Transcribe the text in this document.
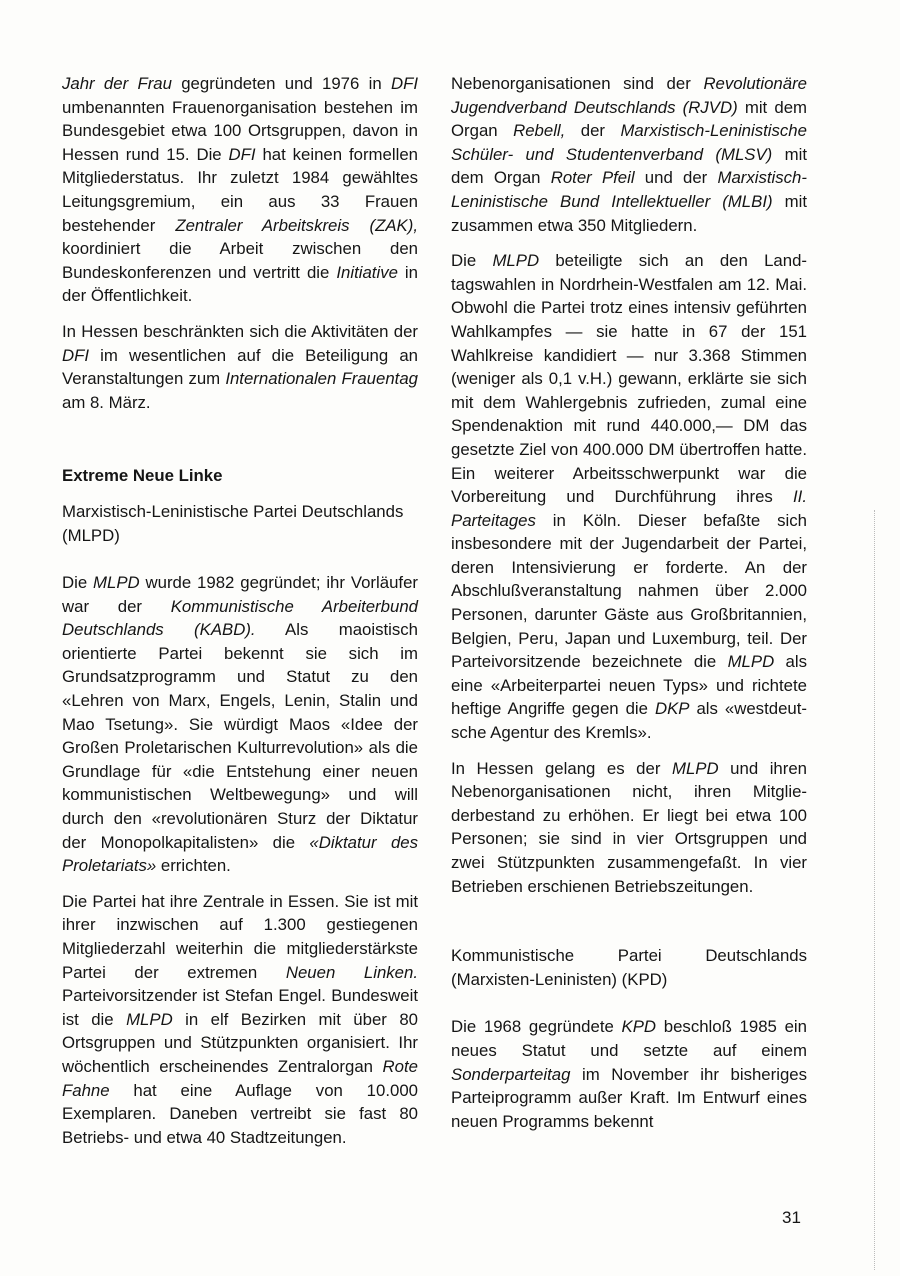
Jahr der Frau gegründeten und 1976 in DFI umbenannten Frauenorganisation bestehen im Bundesgebiet etwa 100 Ortsgruppen, davon in Hessen rund 15. Die DFI hat keinen formellen Mitgliederstatus. Ihr zuletzt 1984 gewähltes Leitungsgremium, ein aus 33 Frauen bestehender Zentraler Arbeitskreis (ZAK), koordiniert die Arbeit zwischen den Bundeskonferenzen und vertritt die Initiative in der Öffentlichkeit.

In Hessen beschränkten sich die Aktivitäten der DFI im wesentlichen auf die Beteiligung an Veranstaltungen zum Internationalen Frauentag am 8. März.

Extreme Neue Linke

Marxistisch-Leninistische Partei Deutschlands (MLPD)

Die MLPD wurde 1982 gegründet; ihr Vorläufer war der Kommunistische Arbeiterbund Deutschlands (KABD). Als maoistisch orientierte Partei bekennt sie sich im Grundsatzprogramm und Statut zu den «Lehren von Marx, Engels, Lenin, Stalin und Mao Tsetung». Sie würdigt Maos «Idee der Großen Proletarischen Kulturrevolution» als die Grundlage für «die Entstehung einer neuen kommunistischen Weltbewegung» und will durch den «revolutionären Sturz der Diktatur der Monopolkapitalisten» die «Diktatur des Proletariats» errichten.

Die Partei hat ihre Zentrale in Essen. Sie ist mit ihrer inzwischen auf 1.300 gestiegenen Mitgliederzahl weiterhin die mitgliederstärkste Partei der extremen Neuen Linken. Parteivorsitzender ist Stefan Engel. Bundesweit ist die MLPD in elf Bezirken mit über 80 Ortsgruppen und Stützpunkten organisiert. Ihr wöchentlich erscheinendes Zentralorgan Rote Fahne hat eine Auflage von 10.000 Exemplaren. Daneben vertreibt sie fast 80 Betriebs- und etwa 40 Stadtzeitungen.

Nebenorganisationen sind der Revolutionäre Jugendverband Deutschlands (RJVD) mit dem Organ Rebell, der Marxistisch-Leninistische Schüler- und Studentenverband (MLSV) mit dem Organ Roter Pfeil und der Marxistisch-Leninistische Bund Intellektueller (MLBI) mit zusammen etwa 350 Mitgliedern.

Die MLPD beteiligte sich an den Landtagswahlen in Nordrhein-Westfalen am 12. Mai. Obwohl die Partei trotz eines intensiv geführten Wahlkampfes — sie hatte in 67 der 151 Wahlkreise kandidiert — nur 3.368 Stimmen (weniger als 0,1 v.H.) gewann, erklärte sie sich mit dem Wahlergebnis zufrieden, zumal eine Spendenaktion mit rund 440.000,— DM das gesetzte Ziel von 400.000 DM übertroffen hatte. Ein weiterer Arbeitsschwerpunkt war die Vorbereitung und Durchführung ihres II. Parteitages in Köln. Dieser befaßte sich insbesondere mit der Jugendarbeit der Partei, deren Intensivierung er forderte. An der Abschlußveranstaltung nahmen über 2.000 Personen, darunter Gäste aus Großbritannien, Belgien, Peru, Japan und Luxemburg, teil. Der Parteivorsitzende bezeichnete die MLPD als eine «Arbeiterpartei neuen Typs» und richtete heftige Angriffe gegen die DKP als «westdeutsche Agentur des Kremls».

In Hessen gelang es der MLPD und ihren Nebenorganisationen nicht, ihren Mitgliederbestand zu erhöhen. Er liegt bei etwa 100 Personen; sie sind in vier Ortsgruppen und zwei Stützpunkten zusammengefaßt. In vier Betrieben erschienen Betriebszeitungen.

Kommunistische Partei Deutschlands (Marxisten-Leninisten) (KPD)

Die 1968 gegründete KPD beschloß 1985 ein neues Statut und setzte auf einem Sonderparteitag im November ihr bisheriges Parteiprogramm außer Kraft. Im Entwurf eines neuen Programms bekennt

31
